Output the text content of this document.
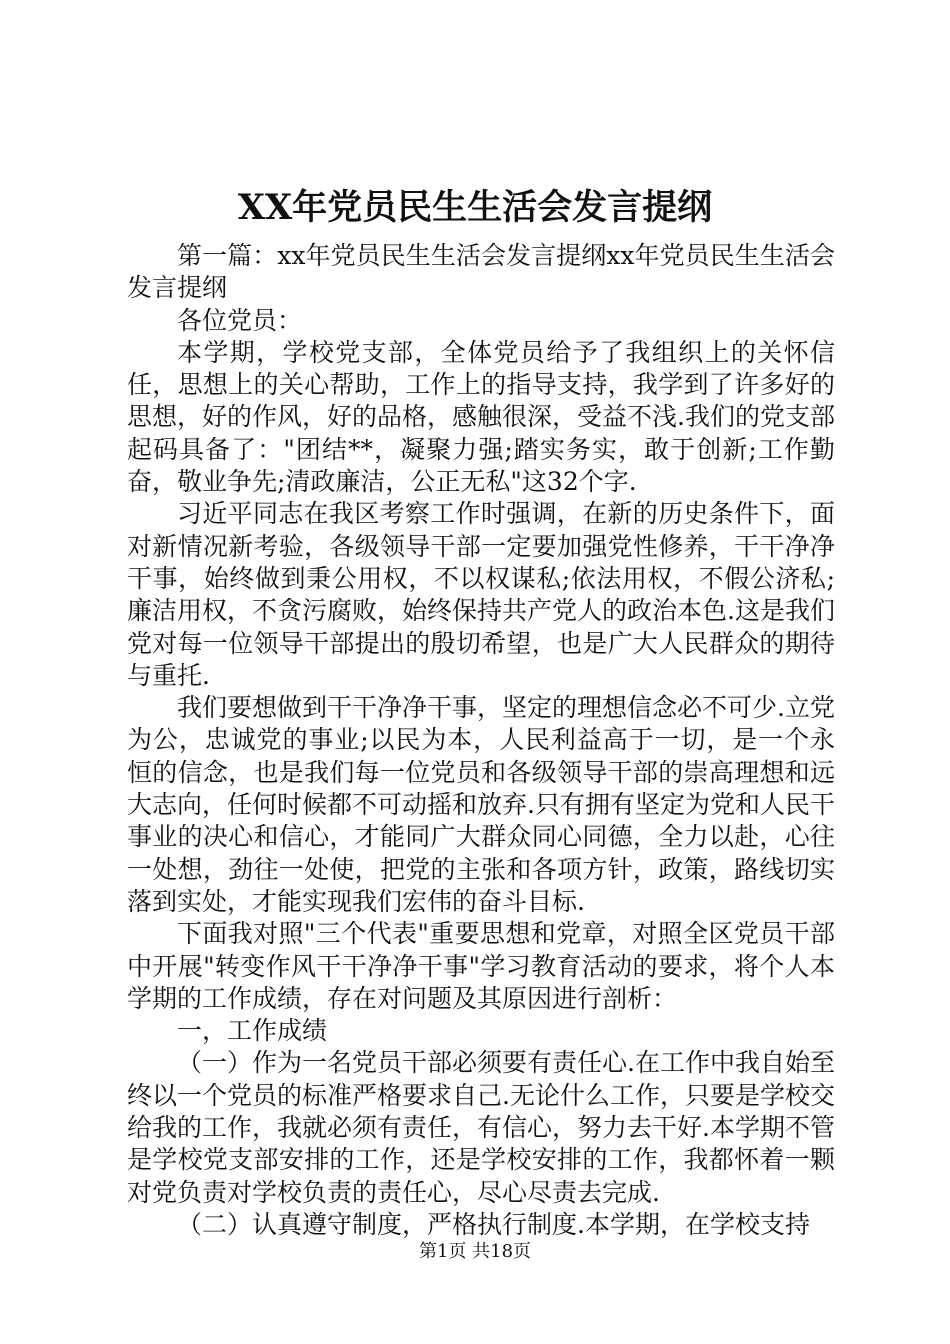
XX年党员民生生活会发言提纲

第一篇：xx年党员民生生活会发言提纲xx年党员民生生活会发言提纲

各位党员：

本学期，学校党支部，全体党员给予了我组织上的关怀信任，思想上的关心帮助，工作上的指导支持，我学到了许多好的思想，好的作风，好的品格，感触很深，受益不浅.我们的党支部起码具备了："团结**，凝聚力强;踏实务实，敢于创新;工作勤奋，敬业争先;清政廉洁，公正无私"这32个字.

习近平同志在我区考察工作时强调，在新的历史条件下，面对新情况新考验，各级领导干部一定要加强党性修养，干干净净干事，始终做到秉公用权，不以权谋私;依法用权，不假公济私;廉洁用权，不贪污腐败，始终保持共产党人的政治本色.这是我们党对每一位领导干部提出的殷切希望，也是广大人民群众的期待与重托.

我们要想做到干干净净干事，坚定的理想信念必不可少.立党为公，忠诚党的事业;以民为本，人民利益高于一切，是一个永恒的信念，也是我们每一位党员和各级领导干部的崇高理想和远大志向，任何时候都不可动摇和放弃.只有拥有坚定为党和人民干事业的决心和信心，才能同广大群众同心同德，全力以赴，心往一处想，劲往一处使，把党的主张和各项方针，政策，路线切实落到实处，才能实现我们宏伟的奋斗目标.

下面我对照"三个代表"重要思想和党章，对照全区党员干部中开展"转变作风干干净净干事"学习教育活动的要求，将个人本学期的工作成绩，存在对问题及其原因进行剖析：

一，工作成绩

（一）作为一名党员干部必须要有责任心.在工作中我自始至终以一个党员的标准严格要求自己.无论什么工作，只要是学校交给我的工作，我就必须有责任，有信心，努力去干好.本学期不管是学校党支部安排的工作，还是学校安排的工作，我都怀着一颗对党负责对学校负责的责任心，尽心尽责去完成.

（二）认真遵守制度，严格执行制度.本学期，在学校支持

第1页 共18页
